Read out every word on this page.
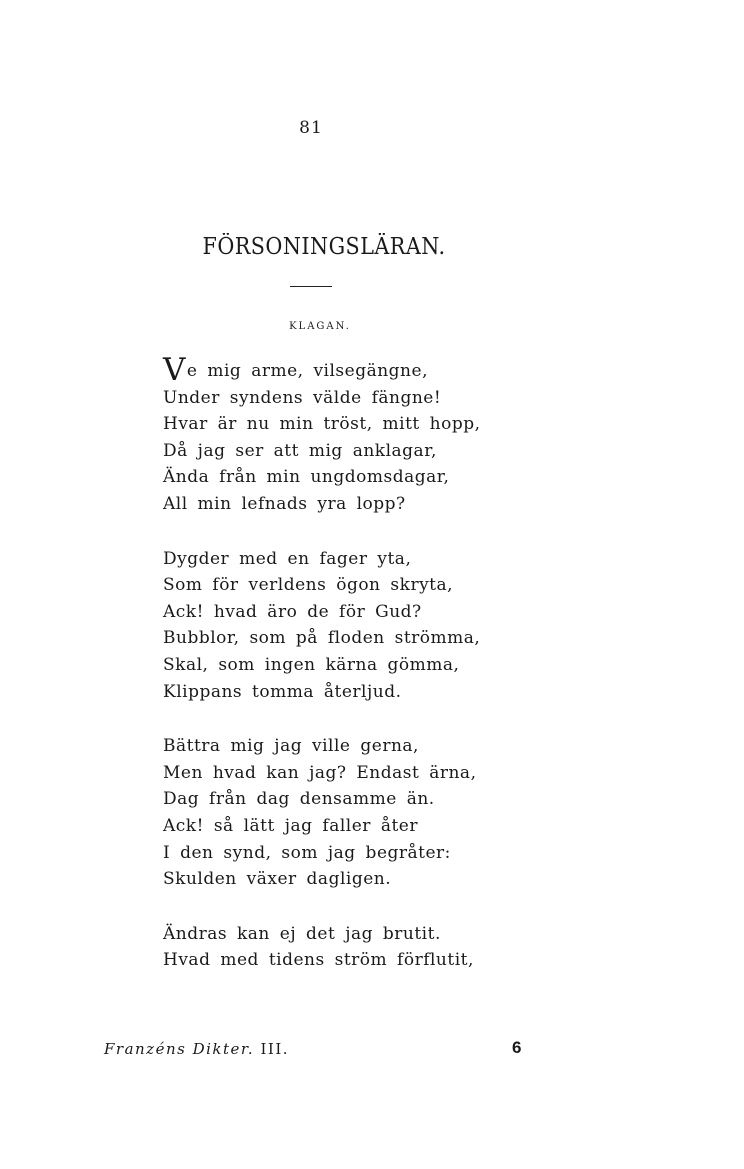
81
FÖRSONINGSLÄRAN.
KLAGAN.
Ve mig arme, vilsegängne,
Under syndens välde fängne!
Hvar är nu min tröst, mitt hopp,
Då jag ser att mig anklagar,
Ända från min ungdomsdagar,
All min lefnads yra lopp?
Dygder med en fager yta,
Som för verldens ögon skryta,
Ack! hvad äro de för Gud?
Bubblor, som på floden strömma,
Skal, som ingen kärna gömma,
Klippans tomma återljud.
Bättra mig jag ville gerna,
Men hvad kan jag? Endast ärna,
Dag från dag densamme än.
Ack! så lätt jag faller åter
I den synd, som jag begråter:
Skulden växer dagligen.
Ändras kan ej det jag brutit.
Hvad med tidens ström förflutit,
Franzéns Dikter. III.	6
